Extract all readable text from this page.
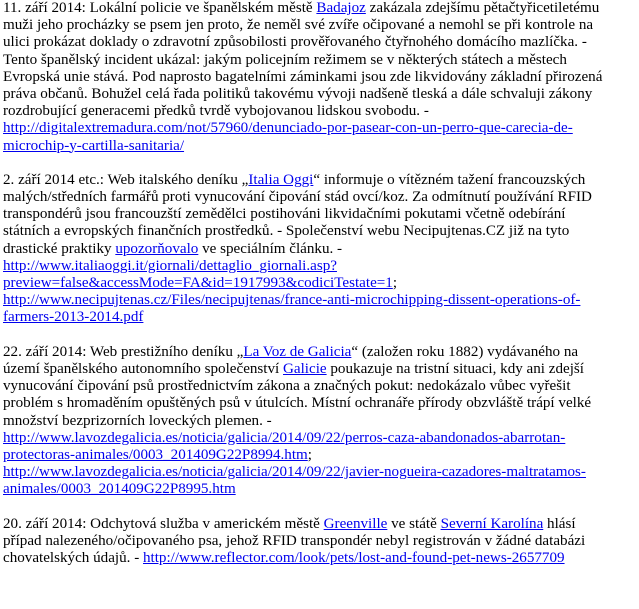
11. září 2014: Lokální policie ve španělském městě Badajoz zakázala zdejšímu pětačtyřicetiletému
muži jeho procházky se psem jen proto, že neměl své zvíře očipované a nemohl se při kontrole na
ulici prokázat doklady o zdravotní způsobilosti prověřovaného čtyřnohého domácího mazlíčka. -
Tento španělský incident ukázal: jakým policejním režimem se v některých státech a městech
Evropská unie stává. Pod naprosto bagatelními záminkami jsou zde likvidovány základní přirozená
práva občanů. Bohužel celá řada politiků takovému vývoji nadšeně tleská a dále schvaluji zákony
rozdrobující generacemi předků tvrdě vybojovanou lidskou svobodu. -
http://digitalextremadura.com/not/57960/denunciado-por-pasear-con-un-perro-que-carecia-de-
microchip-y-cartilla-sanitaria/

2. září 2014 etc.: Web italského deníku „Italia Oggi“ informuje o vítězném tažení francouzských
malých/středních farmářů proti vynucování čipování stád ovcí/koz. Za odmítnutí používání RFID
transpondérů jsou francouzští zemědělci postihováni likvidačními pokutami včetně odebírání
státních a evropských finančních prostředků. - Společenství webu Necipujtenas.CZ již na tyto
drastické praktiky upozorňovalo ve speciálním článku. -
http://www.italiaoggi.it/giornali/dettaglio_giornali.asp?
preview=false&accessMode=FA&id=1917993&codiciTestate=1;
http://www.necipujtenas.cz/Files/necipujtenas/france-anti-microchipping-dissent-operations-of-
farmers-2013-2014.pdf

22. září 2014: Web prestižního deníku „La Voz de Galicia“ (založen roku 1882) vydávaného na
území španělského autonomního společenství Galicie poukazuje na tristní situaci, kdy ani zdejší
vynucování čipování psů prostřednictvím zákona a značných pokut: nedokázalo vůbec vyřešit
problém s hromaděním opuštěných psů v útulcích. Místní ochranáře přírody obzvláště trápí velké
množství bezprizorních loveckých plemen. -
http://www.lavozdegalicia.es/noticia/galicia/2014/09/22/perros-caza-abandonados-abarrotan-
protectoras-animales/0003_201409G22P8994.htm;
http://www.lavozdegalicia.es/noticia/galicia/2014/09/22/javier-nogueira-cazadores-maltratamos-
animales/0003_201409G22P8995.htm

20. září 2014: Odchytová služba v americkém městě Greenville ve státě Severní Karolína hlásí
případ nalezeného/očipovaného psa, jehož RFID transpondér nebyl registrován v žádné databázi
chovatelských údajů. - http://www.reflector.com/look/pets/lost-and-found-pet-news-2657709
